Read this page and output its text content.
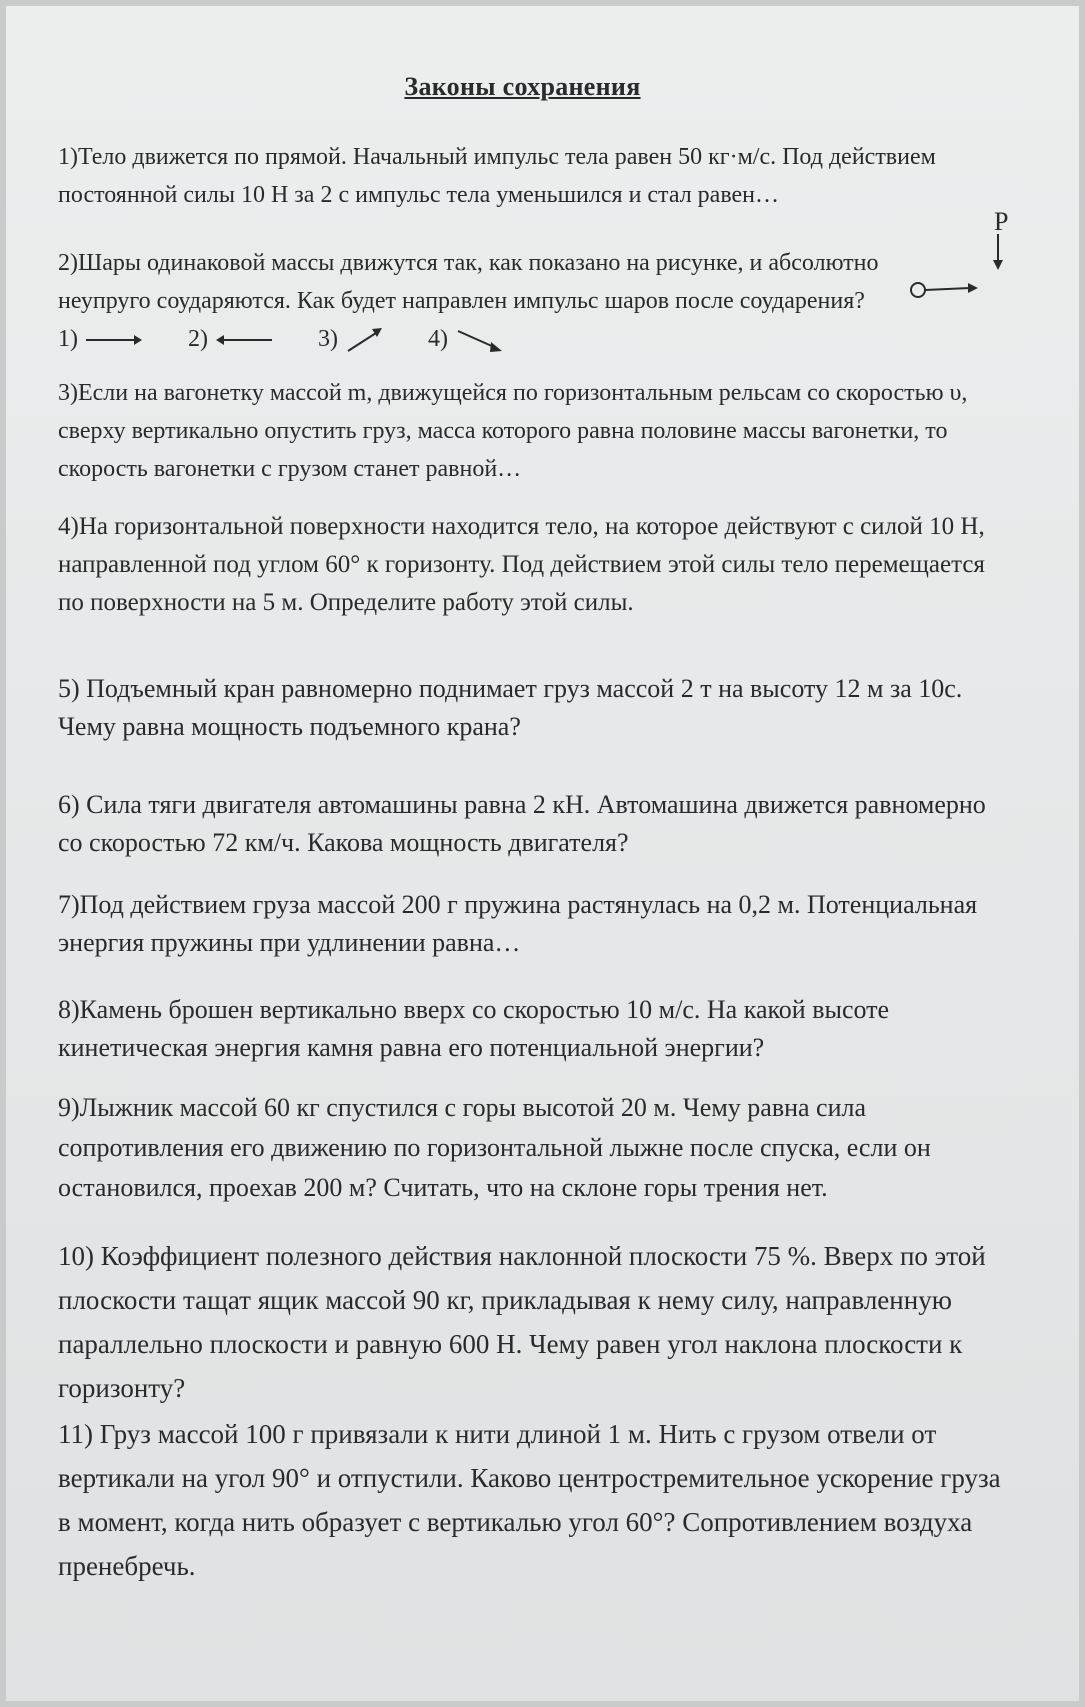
Законы сохранения

1)Тело движется по прямой. Начальный импульс тела равен 50 кг·м/с. Под действием постоянной силы 10 Н за 2 с импульс тела уменьшился и стал равен…

2)Шары одинаковой массы движутся так, как показано на рисунке, и абсолютно неупруго соударяются. Как будет направлен импульс шаров после соударения?

1)	2)	3)	4)
P

3)Если на вагонетку массой m, движущейся по горизонтальным рельсам со скоростью υ, сверху вертикально опустить груз, масса которого равна половине массы вагонетки, то скорость вагонетки с грузом станет равной…

4)На горизонтальной поверхности находится тело, на которое действуют с силой 10 Н, направленной под углом 60° к горизонту. Под действием этой силы тело перемещается по поверхности на 5 м. Определите работу этой силы.

5) Подъемный кран равномерно поднимает груз массой 2 т на высоту 12 м за 10с. Чему равна мощность подъемного крана?

6) Сила тяги двигателя автомашины равна 2 кН. Автомашина движется равномерно со скоростью 72 км/ч. Какова мощность двигателя?

7)Под действием груза массой 200 г пружина растянулась на 0,2 м. Потенциальная энергия пружины при удлинении равна…

8)Камень брошен вертикально вверх со скоростью 10 м/с. На какой высоте кинетическая энергия камня равна его потенциальной энергии?

9)Лыжник массой 60 кг спустился с горы высотой 20 м. Чему равна сила сопротивления его движению по горизонтальной лыжне после спуска, если он остановился, проехав 200 м? Считать, что на склоне горы трения нет.

10) Коэффициент полезного действия наклонной плоскости 75 %. Вверх по этой плоскости тащат ящик массой 90 кг, прикладывая к нему силу, направленную параллельно плоскости и равную 600 Н. Чему равен угол наклона плоскости к горизонту?

11) Груз массой 100 г привязали к нити длиной 1 м. Нить с грузом отвели от вертикали на угол 90° и отпустили. Каково центростремительное ускорение груза в момент, когда нить образует с вертикалью угол 60°? Сопротивлением воздуха пренебречь.
